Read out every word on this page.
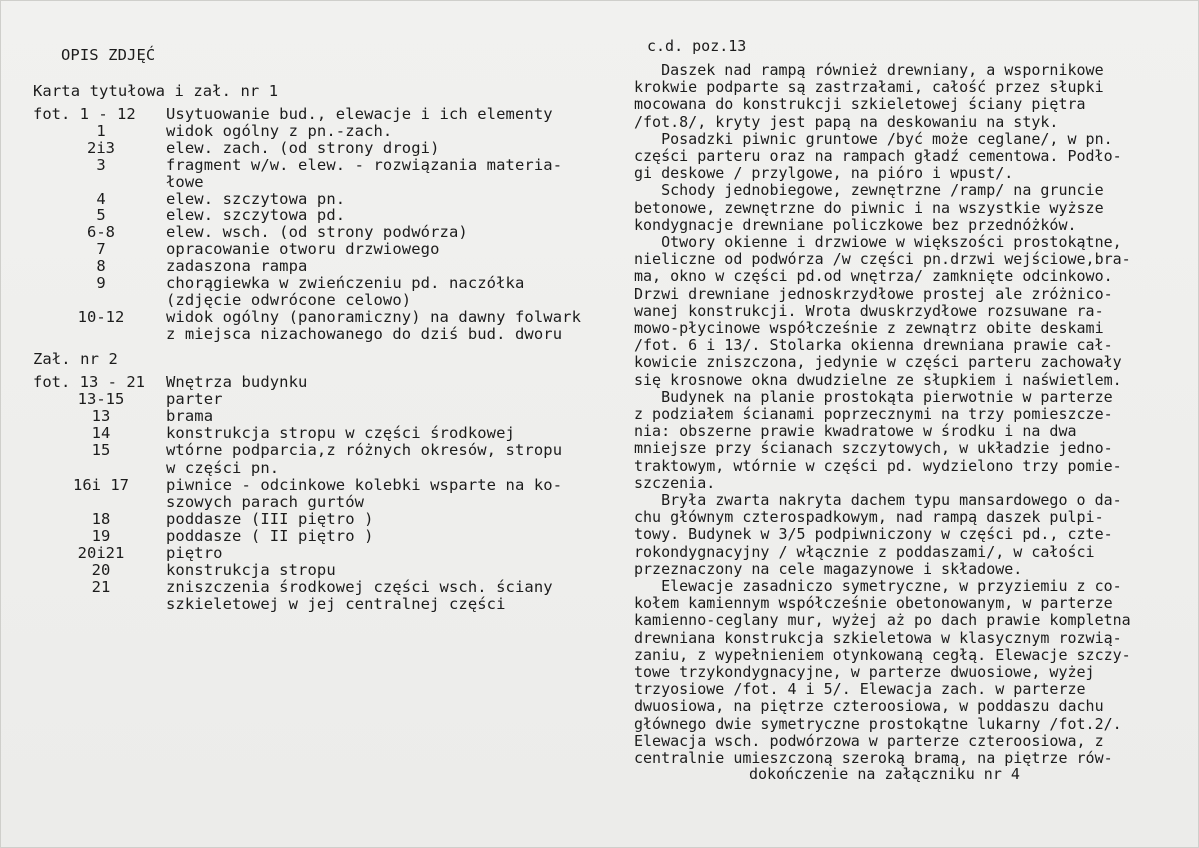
OPIS ZDJĘĆ
Karta tytułowa i zał. nr 1
fot. 1 - 12 Usytuowanie bud., elewacje i ich elementy
1	widok ogólny z pn.-zach.
2i3	elew. zach. (od strony drogi)
3	fragment w/w. elew. - rozwiązania materia-
łowe
4	elew. szczytowa pn.
5	elew. szczytowa pd.
6-8	elew. wsch. (od strony podwórza)
7	opracowanie otworu drzwiowego
8	zadaszona rampa
9	chorągiewka w zwieńczeniu pd. naczółka
(zdjęcie odwrócone celowo)
10-12	widok ogólny (panoramiczny) na dawny folwark
z miejsca nizachowanego do dziś bud. dworu
Zał. nr 2
fot. 13 - 21 Wnętrza budynku
13-15	parter
13	brama
14	konstrukcja stropu w części środkowej
15	wtórne podparcia,z różnych okresów, stropu
w części pn.
16i 17	piwnice - odcinkowe kolebki wsparte na ko-
szowych parach gurtów
18	poddasze (III piętro )
19	poddasze ( II piętro )
20i21	piętro
20	konstrukcja stropu
21	zniszczenia środkowej części wsch. ściany
szkieletowej w jej centralnej części
c.d. poz.13
Daszek nad rampą również drewniany, a wspornikowe
krokwie podparte są zastrzałami, całość przez słupki
mocowana do konstrukcji szkieletowej ściany piętra
/fot.8/, kryty jest papą na deskowaniu na styk.
Posadzki piwnic gruntowe /być może ceglane/, w pn.
części parteru oraz na rampach gładź cementowa. Podło-
gi deskowe / przylgowe, na pióro i wpust/.
Schody jednobiegowe, zewnętrzne /ramp/ na gruncie
betonowe, zewnętrzne do piwnic i na wszystkie wyższe
kondygnacje drewniane policzkowe bez przednóżków.
Otwory okienne i drzwiowe w większości prostokątne,
nieliczne od podwórza /w części pn.drzwi wejściowe,bra-
ma, okno w części pd.od wnętrza/ zamknięte odcinkowo.
Drzwi drewniane jednoskrzydłowe prostej ale zróżnico-
wanej konstrukcji. Wrota dwuskrzydłowe rozsuwane ra-
mowo-płycinowe współcześnie z zewnątrz obite deskami
/fot. 6 i 13/. Stolarka okienna drewniana prawie cał-
kowicie zniszczona, jedynie w części parteru zachowały
się krosnowe okna dwudzielne ze słupkiem i naświetlem.
Budynek na planie prostokąta pierwotnie w parterze
z podziałem ścianami poprzecznymi na trzy pomieszcze-
nia: obszerne prawie kwadratowe w środku i na dwa
mniejsze przy ścianach szczytowych, w układzie jedno-
traktowym, wtórnie w części pd. wydzielono trzy pomie-
szczenia.
Bryła zwarta nakryta dachem typu mansardowego o da-
chu głównym czterospadkowym, nad rampą daszek pulpi-
towy. Budynek w 3/5 podpiwniczony w części pd., czte-
rokondygnacyjny / włącznie z poddaszami/, w całości
przeznaczony na cele magazynowe i składowe.
Elewacje zasadniczo symetryczne, w przyziemiu z co-
kołem kamiennym współcześnie obetonowanym, w parterze
kamienno-ceglany mur, wyżej aż po dach prawie kompletna
drewniana konstrukcja szkieletowa w klasycznym rozwią-
zaniu, z wypełnieniem otynkowaną cegłą. Elewacje szczy-
towe trzykondygnacyjne, w parterze dwuosiowe, wyżej
trzyosiowe /fot. 4 i 5/. Elewacja zach. w parterze
dwuosiowa, na piętrze czteroosiowa, w poddaszu dachu
głównego dwie symetryczne prostokątne lukarny /fot.2/.
Elewacja wsch. podwórzowa w parterze czteroosiowa, z
centralnie umieszczoną szeroką bramą, na piętrze rów-
dokończenie na załączniku nr 4
